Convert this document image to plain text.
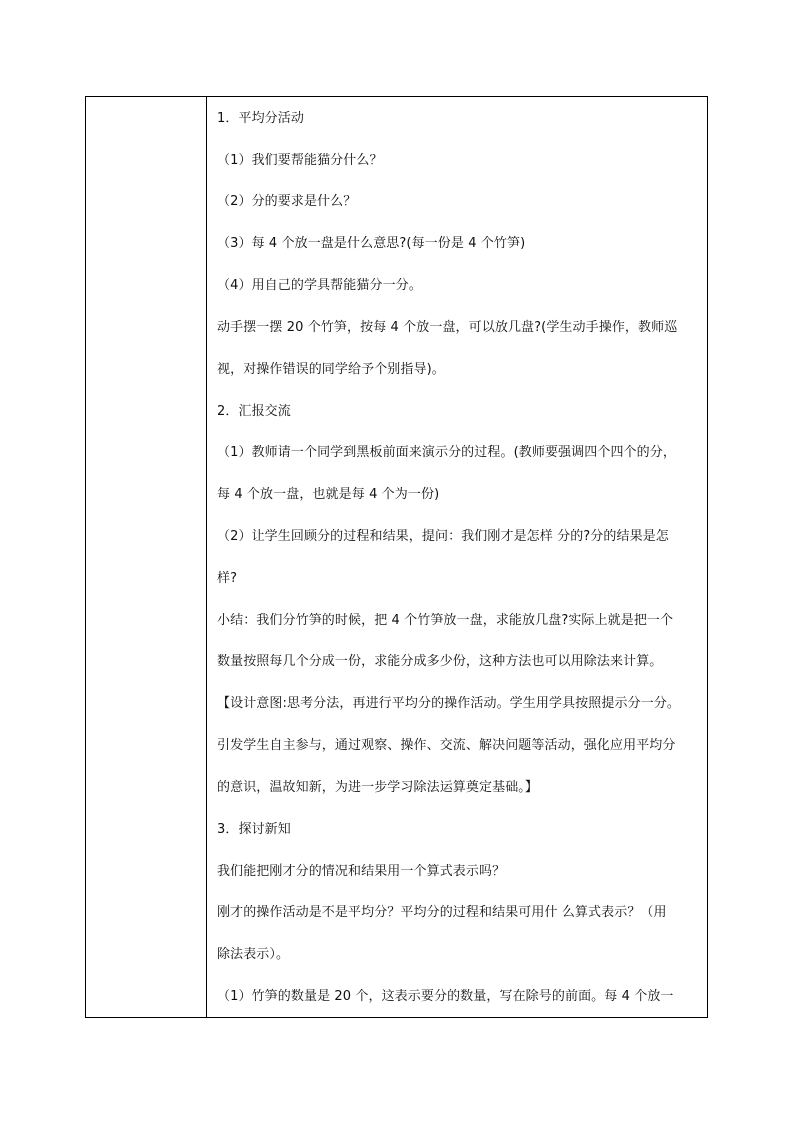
1．平均分活动
（1）我们要帮能猫分什么？
（2）分的要求是什么？
（3）每 4 个放一盘是什么意思?(每一份是 4 个竹笋)
（4）用自己的学具帮能猫分一分。
动手摆一摆 20 个竹笋，按每 4 个放一盘，可以放几盘?(学生动手操作，教师巡
视，对操作错误的同学给予个别指导)。
2．汇报交流
（1）教师请一个同学到黑板前面来演示分的过程。(教师要强调四个四个的分，
每 4 个放一盘，也就是每 4 个为一份)
（2）让学生回顾分的过程和结果，提问：我们刚才是怎样 分的?分的结果是怎
样?
小结：我们分竹笋的时候，把 4 个竹笋放一盘，求能放几盘?实际上就是把一个
数量按照每几个分成一份，求能分成多少份，这种方法也可以用除法来计算。
【设计意图:思考分法，再进行平均分的操作活动。学生用学具按照提示分一分。
引发学生自主参与，通过观察、操作、交流、解决问题等活动，强化应用平均分
的意识，温故知新，为进一步学习除法运算奠定基础。】
3．探讨新知
我们能把刚才分的情况和结果用一个算式表示吗？
刚才的操作活动是不是平均分？平均分的过程和结果可用什 么算式表示？（用
除法表示）。
（1）竹笋的数量是 20 个，这表示要分的数量，写在除号的前面。每 4 个放一
